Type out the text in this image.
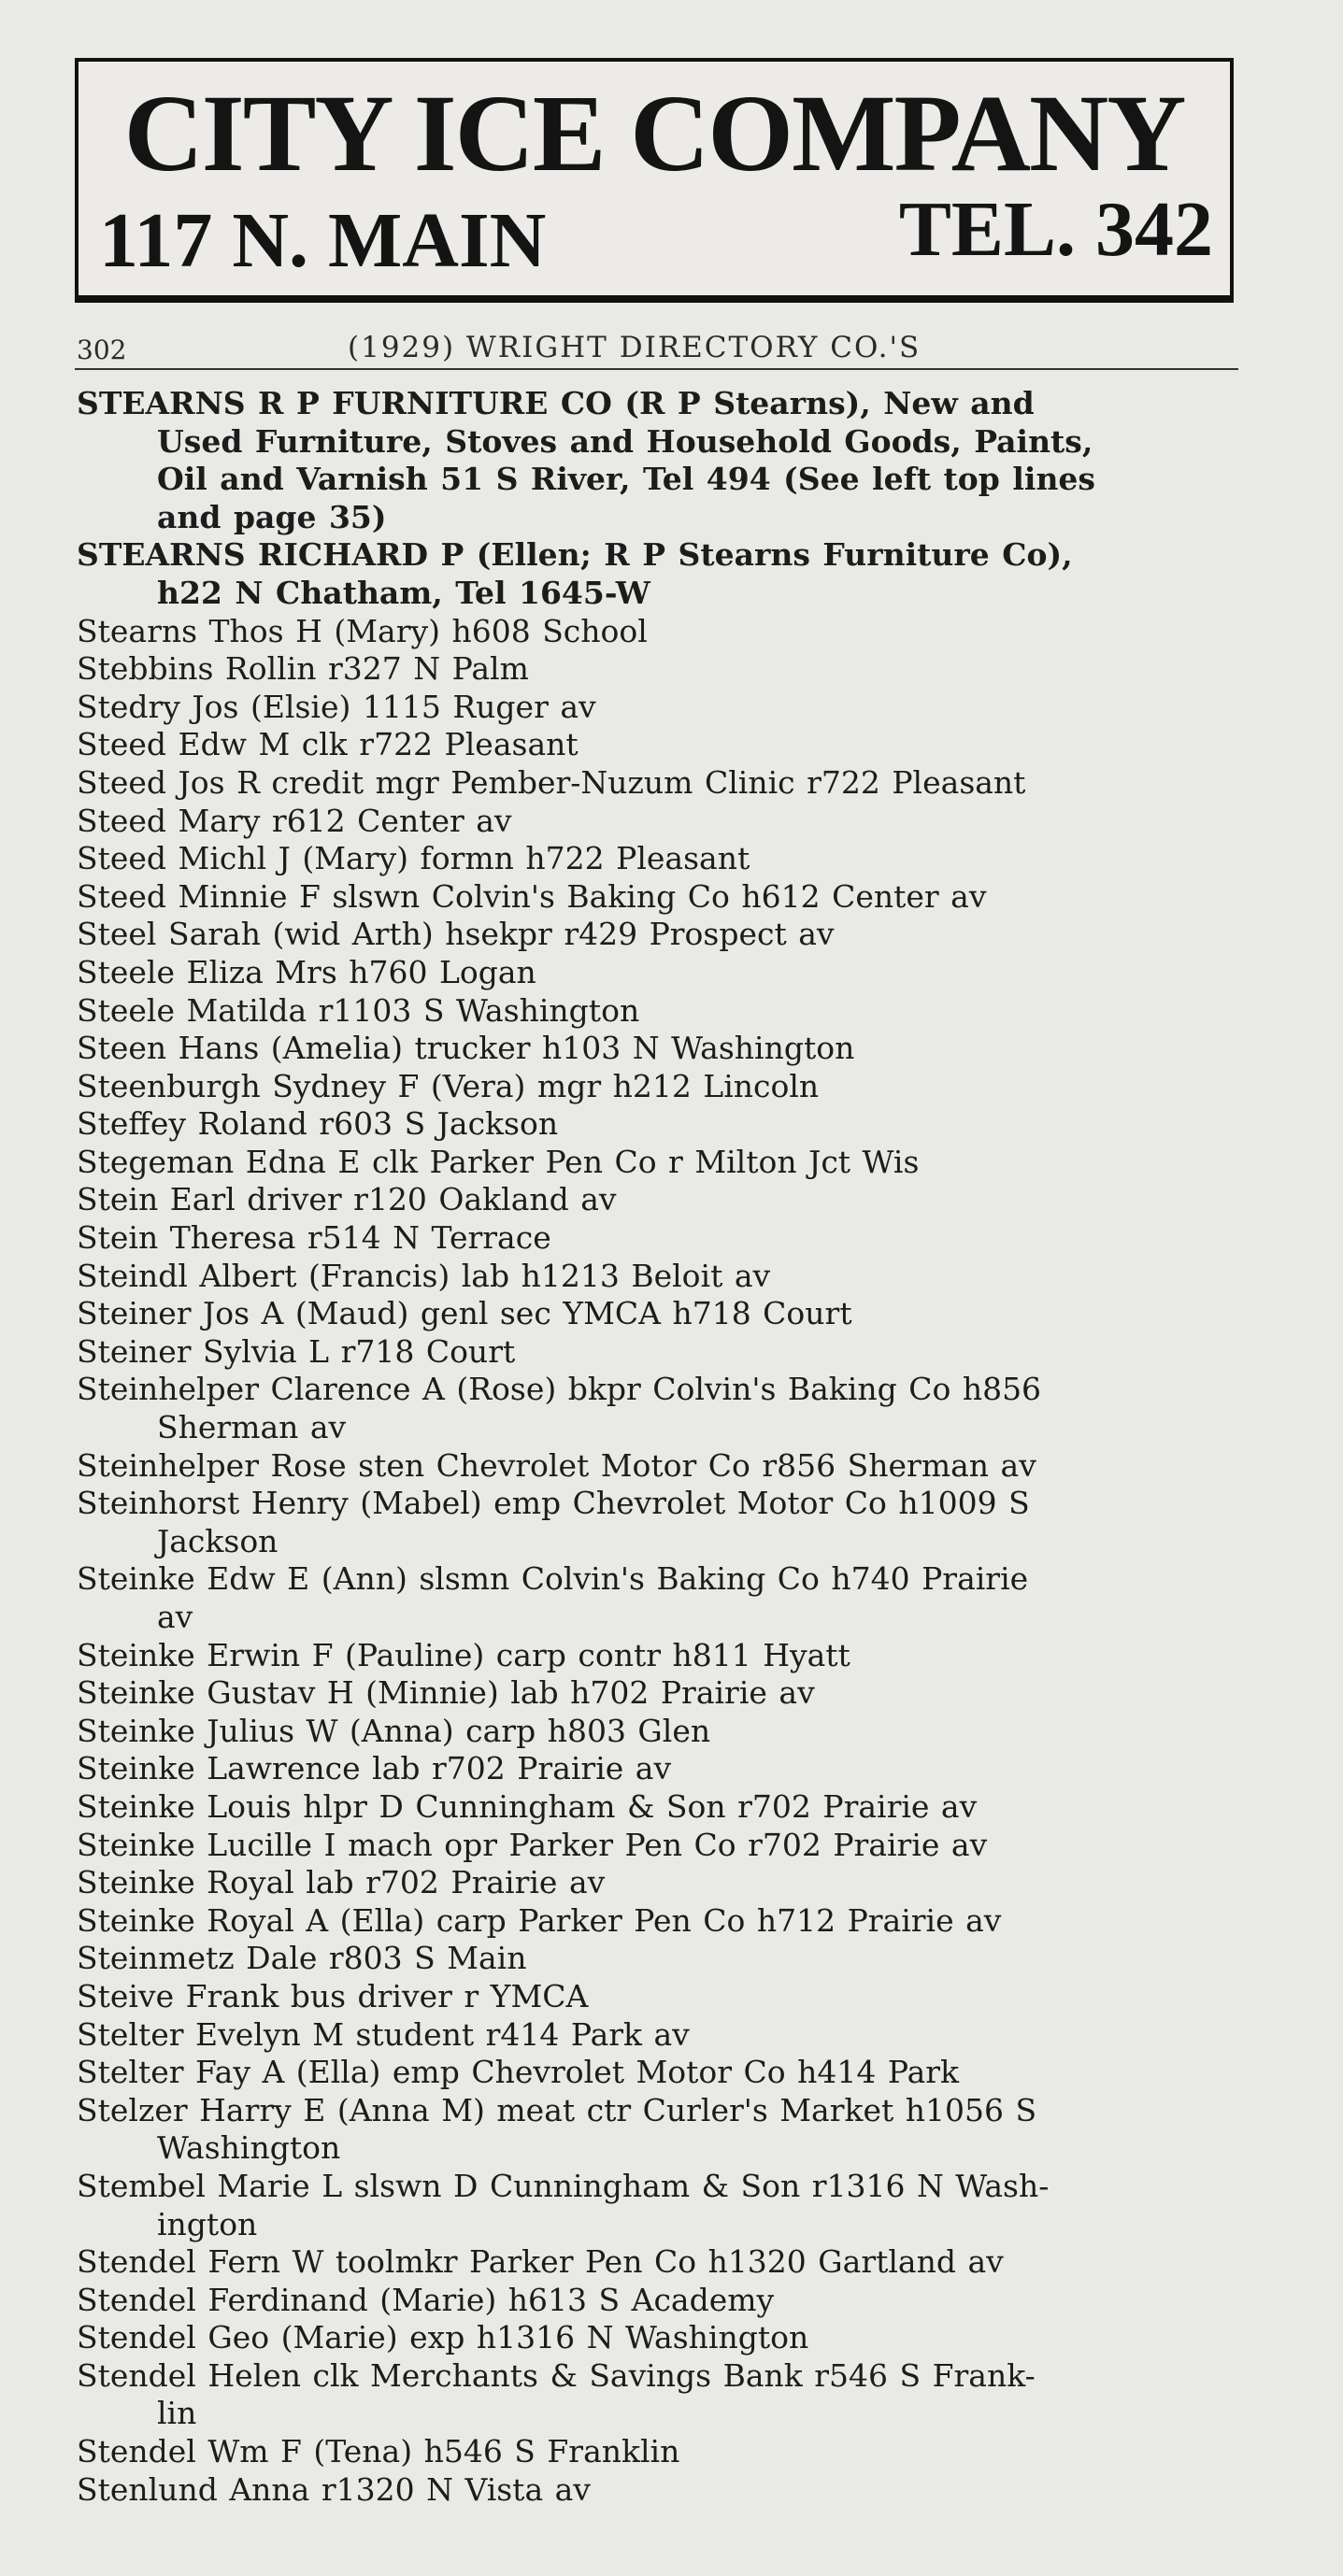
CITY ICE COMPANY
117 N. MAIN	TEL. 342
302	(1929) WRIGHT DIRECTORY CO.'S
STEARNS R P FURNITURE CO (R P Stearns), New and
Used Furniture, Stoves and Household Goods, Paints,
Oil and Varnish 51 S River, Tel 494 (See left top lines
and page 35)
STEARNS RICHARD P (Ellen; R P Stearns Furniture Co),
h22 N Chatham, Tel 1645-W
Stearns Thos H (Mary) h608 School
Stebbins Rollin r327 N Palm
Stedry Jos (Elsie) 1115 Ruger av
Steed Edw M clk r722 Pleasant
Steed Jos R credit mgr Pember-Nuzum Clinic r722 Pleasant
Steed Mary r612 Center av
Steed Michl J (Mary) formn h722 Pleasant
Steed Minnie F slswn Colvin's Baking Co h612 Center av
Steel Sarah (wid Arth) hsekpr r429 Prospect av
Steele Eliza Mrs h760 Logan
Steele Matilda r1103 S Washington
Steen Hans (Amelia) trucker h103 N Washington
Steenburgh Sydney F (Vera) mgr h212 Lincoln
Steffey Roland r603 S Jackson
Stegeman Edna E clk Parker Pen Co r Milton Jct Wis
Stein Earl driver r120 Oakland av
Stein Theresa r514 N Terrace
Steindl Albert (Francis) lab h1213 Beloit av
Steiner Jos A (Maud) genl sec YMCA h718 Court
Steiner Sylvia L r718 Court
Steinhelper Clarence A (Rose) bkpr Colvin's Baking Co h856
Sherman av
Steinhelper Rose sten Chevrolet Motor Co r856 Sherman av
Steinhorst Henry (Mabel) emp Chevrolet Motor Co h1009 S
Jackson
Steinke Edw E (Ann) slsmn Colvin's Baking Co h740 Prairie
av
Steinke Erwin F (Pauline) carp contr h811 Hyatt
Steinke Gustav H (Minnie) lab h702 Prairie av
Steinke Julius W (Anna) carp h803 Glen
Steinke Lawrence lab r702 Prairie av
Steinke Louis hlpr D Cunningham & Son r702 Prairie av
Steinke Lucille I mach opr Parker Pen Co r702 Prairie av
Steinke Royal lab r702 Prairie av
Steinke Royal A (Ella) carp Parker Pen Co h712 Prairie av
Steinmetz Dale r803 S Main
Steive Frank bus driver r YMCA
Stelter Evelyn M student r414 Park av
Stelter Fay A (Ella) emp Chevrolet Motor Co h414 Park
Stelzer Harry E (Anna M) meat ctr Curler's Market h1056 S
Washington
Stembel Marie L slswn D Cunningham & Son r1316 N Wash-
ington
Stendel Fern W toolmkr Parker Pen Co h1320 Gartland av
Stendel Ferdinand (Marie) h613 S Academy
Stendel Geo (Marie) exp h1316 N Washington
Stendel Helen clk Merchants & Savings Bank r546 S Frank-
lin
Stendel Wm F (Tena) h546 S Franklin
Stenlund Anna r1320 N Vista av
